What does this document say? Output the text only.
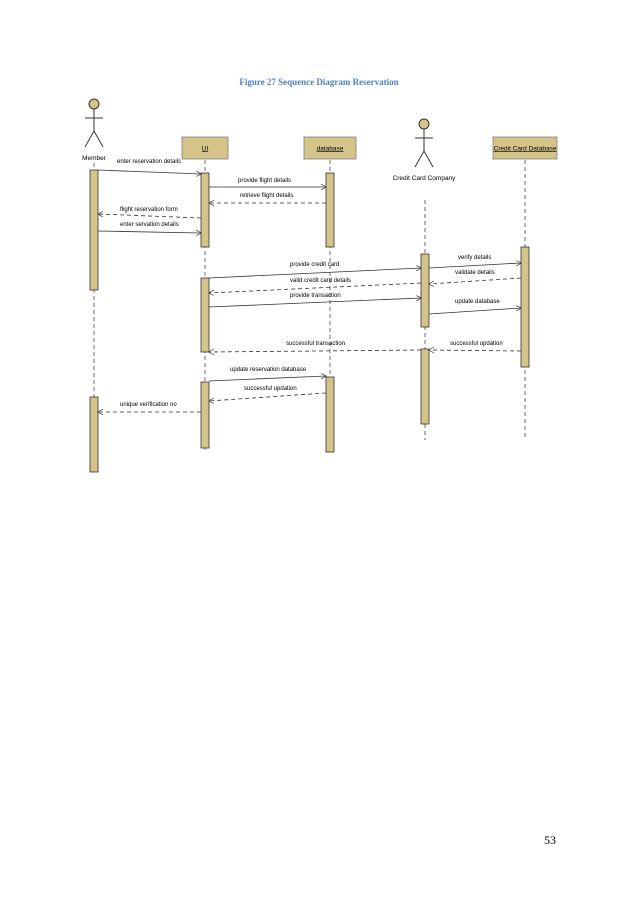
Figure 27 Sequence Diagram Reservation
Member
UI	database
Credit Card Company
Credit Card Database
enter reservation details
provide flight details
retrieve flight details
flight reservation form
enter servation details
verify details
provide credit card
validate details
valid credit card details
provide transaction
update database
successful transaction	successful updation
update reservation database
successful updation
unique verification no
53
